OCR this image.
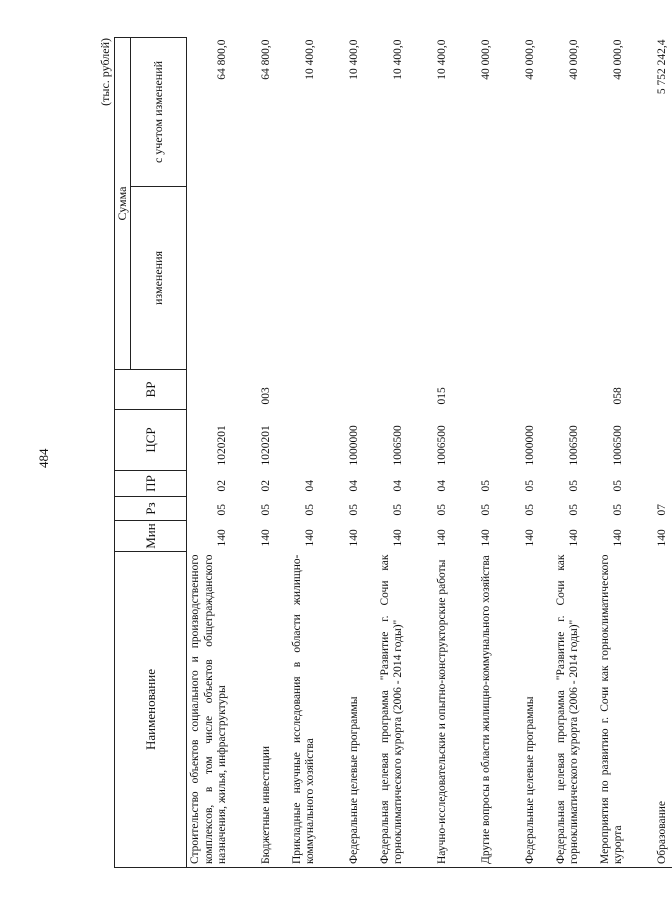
484
(тыс. рублей)
Наименование	Мин	Рз	ПР	ЦСР	ВР	Сумма	
						изменения	с учетом изменений
Строительство объектов социального и производственного комплексов, в том числе объектов общегражданского назначения, жилья, инфраструктуры	140	05	02	1020201			64 800,0
Бюджетные инвестиции	140	05	02	1020201	003		64 800,0
Прикладные научные исследования в области жилищно-коммунального хозяйства	140	05	04				10 400,0
Федеральные целевые программы	140	05	04	1000000			10 400,0
Федеральная целевая программа "Развитие г. Сочи как горноклиматического курорта (2006 - 2014 годы)"	140	05	04	1006500			10 400,0
Научно-исследовательские и опытно-конструкторские работы	140	05	04	1006500	015		10 400,0
Другие вопросы в области жилищно-коммунального хозяйства	140	05	05				40 000,0
Федеральные целевые программы	140	05	05	1000000			40 000,0
Федеральная целевая программа "Развитие г. Сочи как горноклиматического курорта (2006 - 2014 годы)"	140	05	05	1006500			40 000,0
Мероприятия по развитию г. Сочи как горноклиматического курорта	140	05	05	1006500	058		40 000,0
Образование	140	07					5 752 242,4
